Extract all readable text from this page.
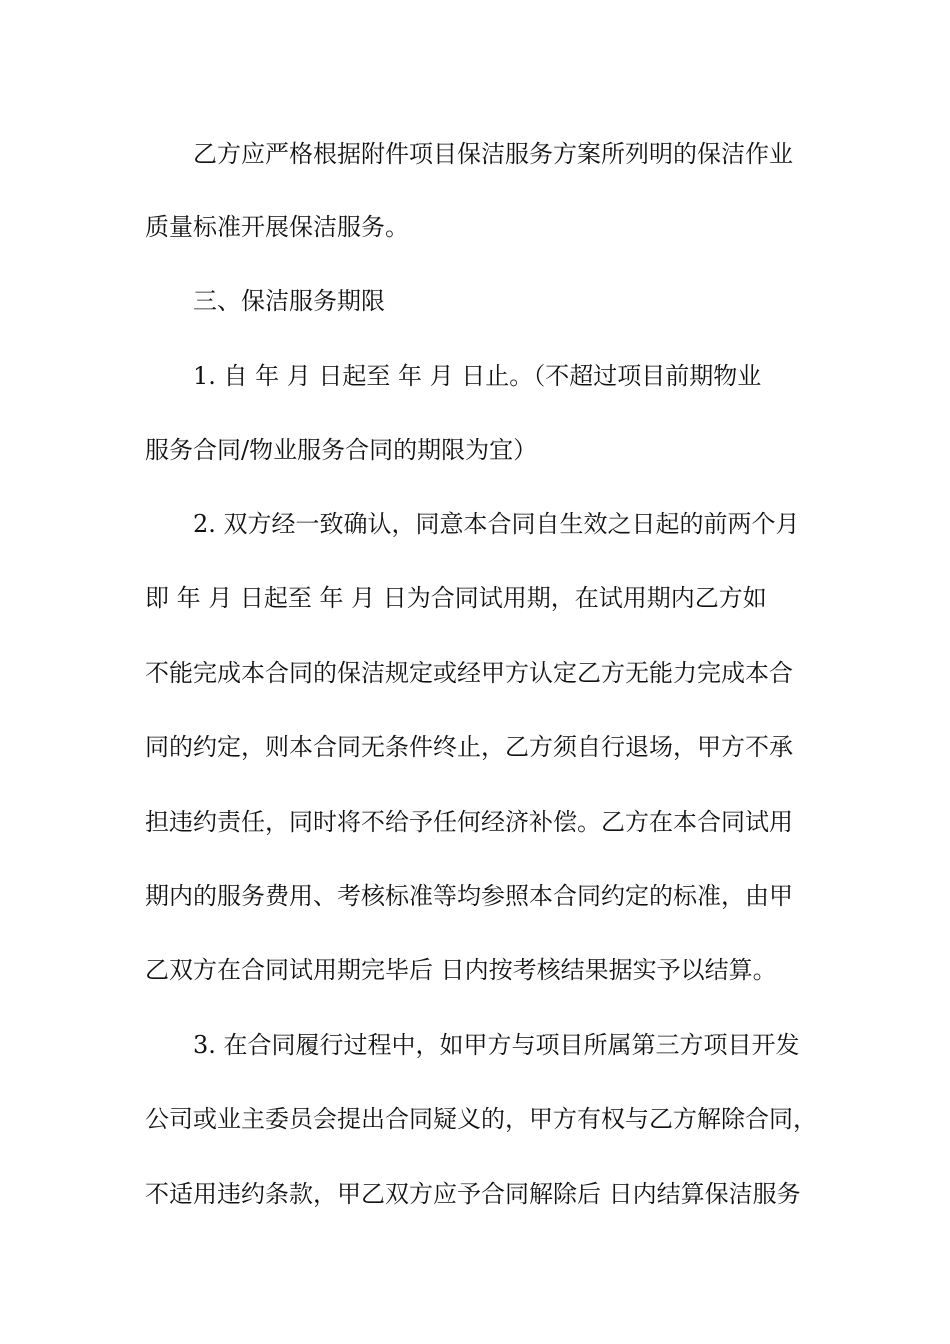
乙方应严格根据附件项目保洁服务方案所列明的保洁作业
质量标准开展保洁服务。
三、保洁服务期限
1. 自 年 月 日起至 年 月 日止。（不超过项目前期物业
服务合同/物业服务合同的期限为宜）
2. 双方经一致确认，同意本合同自生效之日起的前两个月
即 年 月 日起至 年 月 日为合同试用期，在试用期内乙方如
不能完成本合同的保洁规定或经甲方认定乙方无能力完成本合
同的约定，则本合同无条件终止，乙方须自行退场，甲方不承
担违约责任，同时将不给予任何经济补偿。乙方在本合同试用
期内的服务费用、考核标准等均参照本合同约定的标准，由甲
乙双方在合同试用期完毕后 日内按考核结果据实予以结算。
3. 在合同履行过程中，如甲方与项目所属第三方项目开发
公司或业主委员会提出合同疑义的，甲方有权与乙方解除合同，
不适用违约条款，甲乙双方应予合同解除后 日内结算保洁服务
